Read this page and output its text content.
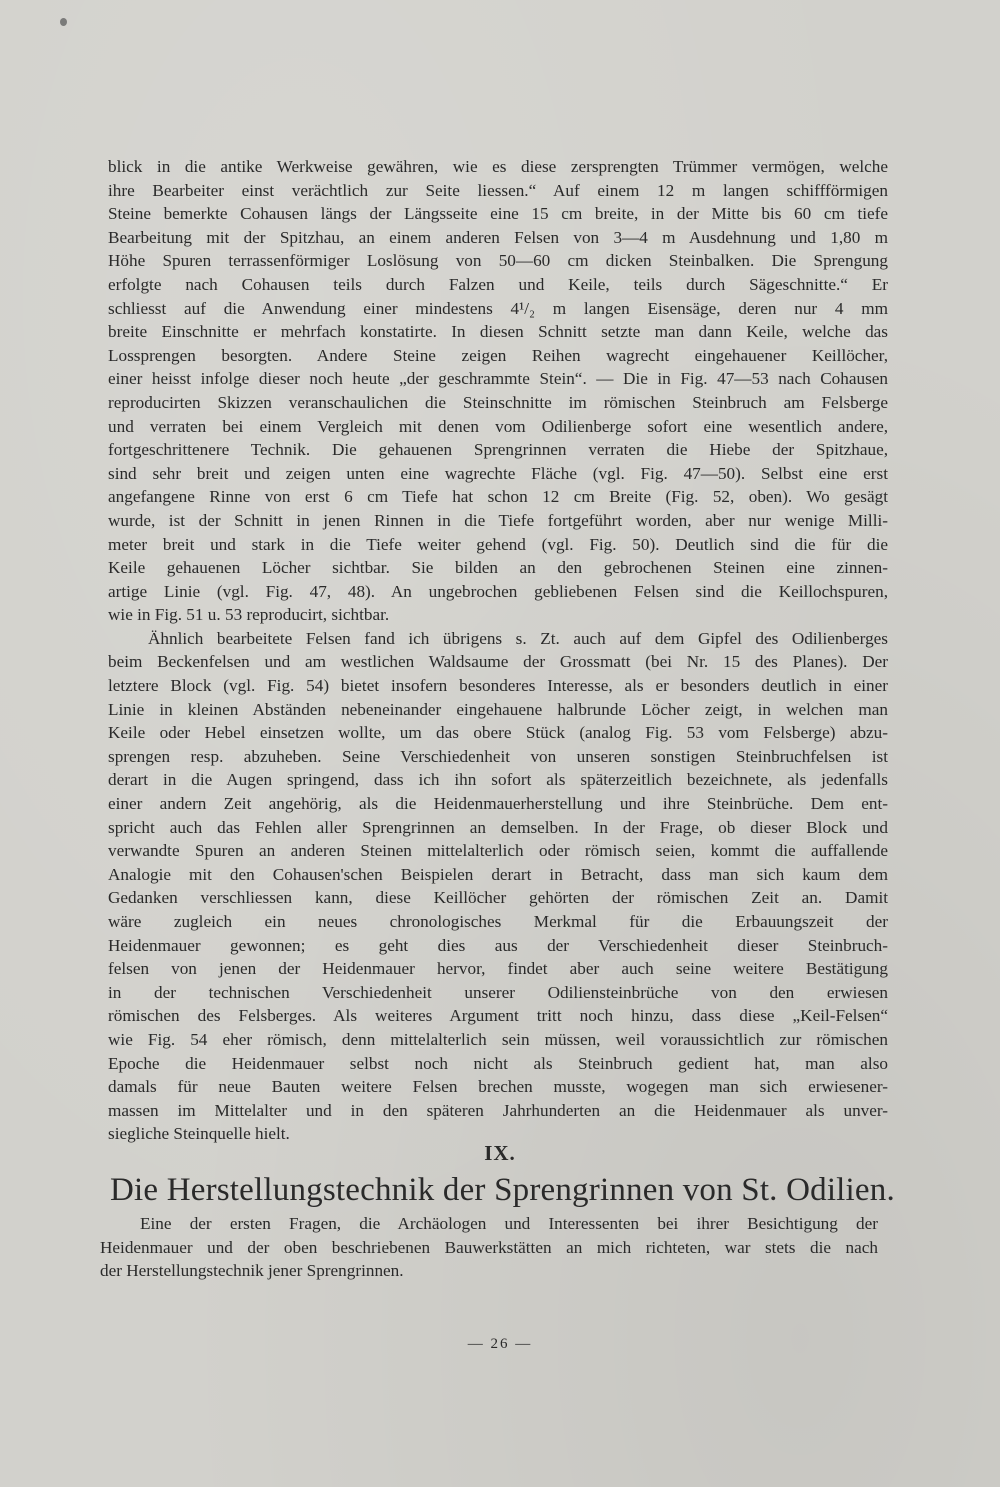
blick in die antike Werkweise gewähren, wie es diese zersprengten Trümmer vermögen, welche
ihre Bearbeiter einst verächtlich zur Seite liessen.“ Auf einem 12 m langen schiffförmigen
Steine bemerkte Cohausen längs der Längsseite eine 15 cm breite, in der Mitte bis 60 cm tiefe
Bearbeitung mit der Spitzhau, an einem anderen Felsen von 3—4 m Ausdehnung und 1,80 m
Höhe Spuren terrassenförmiger Loslösung von 50—60 cm dicken Steinbalken. Die Sprengung
erfolgte nach Cohausen teils durch Falzen und Keile, teils durch Sägeschnitte.“ Er
schliesst auf die Anwendung einer mindestens 4¹/₂ m langen Eisensäge, deren nur 4 mm
breite Einschnitte er mehrfach konstatirte. In diesen Schnitt setzte man dann Keile, welche das
Lossprengen besorgten. Andere Steine zeigen Reihen wagrecht eingehauener Keillöcher,
einer heisst infolge dieser noch heute „der geschrammte Stein“. — Die in Fig. 47—53 nach Cohausen
reproducirten Skizzen veranschaulichen die Steinschnitte im römischen Steinbruch am Felsberge
und verraten bei einem Vergleich mit denen vom Odilienberge sofort eine wesentlich andere,
fortgeschrittenere Technik. Die gehauenen Sprengrinnen verraten die Hiebe der Spitzhaue,
sind sehr breit und zeigen unten eine wagrechte Fläche (vgl. Fig. 47—50). Selbst eine erst
angefangene Rinne von erst 6 cm Tiefe hat schon 12 cm Breite (Fig. 52, oben). Wo gesägt
wurde, ist der Schnitt in jenen Rinnen in die Tiefe fortgeführt worden, aber nur wenige Milli-
meter breit und stark in die Tiefe weiter gehend (vgl. Fig. 50). Deutlich sind die für die
Keile gehauenen Löcher sichtbar. Sie bilden an den gebrochenen Steinen eine zinnen-
artige Linie (vgl. Fig. 47, 48). An ungebrochen gebliebenen Felsen sind die Keillochspuren,
wie in Fig. 51 u. 53 reproducirt, sichtbar.
Ähnlich bearbeitete Felsen fand ich übrigens s. Zt. auch auf dem Gipfel des Odilienberges
beim Beckenfelsen und am westlichen Waldsaume der Grossmatt (bei Nr. 15 des Planes). Der
letztere Block (vgl. Fig. 54) bietet insofern besonderes Interesse, als er besonders deutlich in einer
Linie in kleinen Abständen nebeneinander eingehauene halbrunde Löcher zeigt, in welchen man
Keile oder Hebel einsetzen wollte, um das obere Stück (analog Fig. 53 vom Felsberge) abzu-
sprengen resp. abzuheben. Seine Verschiedenheit von unseren sonstigen Steinbruchfelsen ist
derart in die Augen springend, dass ich ihn sofort als späterzeitlich bezeichnete, als jedenfalls
einer andern Zeit angehörig, als die Heidenmauerherstellung und ihre Steinbrüche. Dem ent-
spricht auch das Fehlen aller Sprengrinnen an demselben. In der Frage, ob dieser Block und
verwandte Spuren an anderen Steinen mittelalterlich oder römisch seien, kommt die auffallende
Analogie mit den Cohausen'schen Beispielen derart in Betracht, dass man sich kaum dem
Gedanken verschliessen kann, diese Keillöcher gehörten der römischen Zeit an. Damit
wäre zugleich ein neues chronologisches Merkmal für die Erbauungszeit der
Heidenmauer gewonnen; es geht dies aus der Verschiedenheit dieser Steinbruch-
felsen von jenen der Heidenmauer hervor, findet aber auch seine weitere Bestätigung
in der technischen Verschiedenheit unserer Odiliensteinbrüche von den erwiesen
römischen des Felsberges. Als weiteres Argument tritt noch hinzu, dass diese „Keil-Felsen“
wie Fig. 54 eher römisch, denn mittelalterlich sein müssen, weil voraussichtlich zur römischen
Epoche die Heidenmauer selbst noch nicht als Steinbruch gedient hat, man also
damals für neue Bauten weitere Felsen brechen musste, wogegen man sich erwiesener-
massen im Mittelalter und in den späteren Jahrhunderten an die Heidenmauer als unver-
siegliche Steinquelle hielt.
IX.
Die Herstellungstechnik der Sprengrinnen von St. Odilien.
Eine der ersten Fragen, die Archäologen und Interessenten bei ihrer Besichtigung der
Heidenmauer und der oben beschriebenen Bauwerkstätten an mich richteten, war stets die nach
der Herstellungstechnik jener Sprengrinnen.
— 26 —
